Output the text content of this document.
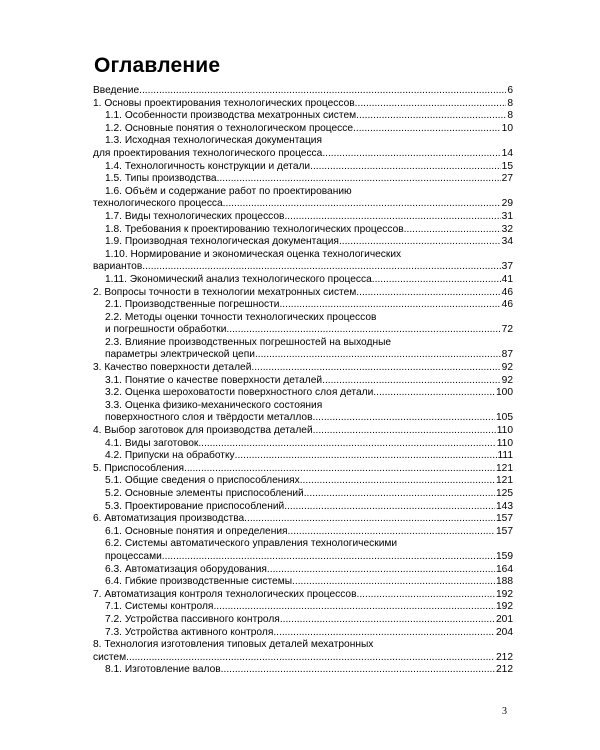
Оглавление
Введение .....	6
1. Основы проектирования технологических процессов .....	8
1.1. Особенности производства мехатронных систем .....	8
1.2. Основные понятия о технологическом процессе .....	10
1.3. Исходная технологическая документация
для проектирования технологического процесса .....	14
1.4. Технологичность конструкции и детали .....	15
1.5. Типы производства .....	27
1.6. Объём и содержание работ по проектированию
технологического процесса .....	29
1.7. Виды технологических процессов .....	31
1.8. Требования к проектированию технологических процессов .....	32
1.9. Производная технологическая документация .....	34
1.10. Нормирование и экономическая оценка технологических
вариантов .....	37
1.11. Экономический анализ технологического процесса .....	41
2. Вопросы точности в технологии мехатронных систем .....	46
2.1. Производственные погрешности .....	46
2.2. Методы оценки точности технологических процессов
и погрешности обработки .....	72
2.3. Влияние производственных погрешностей на выходные
параметры электрической цепи .....	87
3. Качество поверхности деталей .....	92
3.1. Понятие о качестве поверхности деталей .....	92
3.2. Оценка шероховатости поверхностного слоя детали .....	100
3.3. Оценка физико-механического состояния
поверхностного слоя и твёрдости металлов .....	105
4. Выбор заготовок для производства деталей .....	110
4.1. Виды заготовок .....	110
4.2. Припуски на обработку .....	111
5. Приспособления .....	121
5.1. Общие сведения о приспособлениях .....	121
5.2. Основные элементы приспособлений .....	125
5.3. Проектирование приспособлений .....	143
6. Автоматизация производства .....	157
6.1. Основные понятия и определения .....	157
6.2. Системы автоматического управления технологическими
процессами .....	159
6.3. Автоматизация оборудования .....	164
6.4. Гибкие производственные системы .....	188
7. Автоматизация контроля технологических процессов .....	192
7.1. Системы контроля .....	192
7.2. Устройства пассивного контроля .....	201
7.3. Устройства активного контроля .....	204
8. Технология изготовления типовых деталей мехатронных
систем .....	212
8.1. Изготовление валов .....	212
3
